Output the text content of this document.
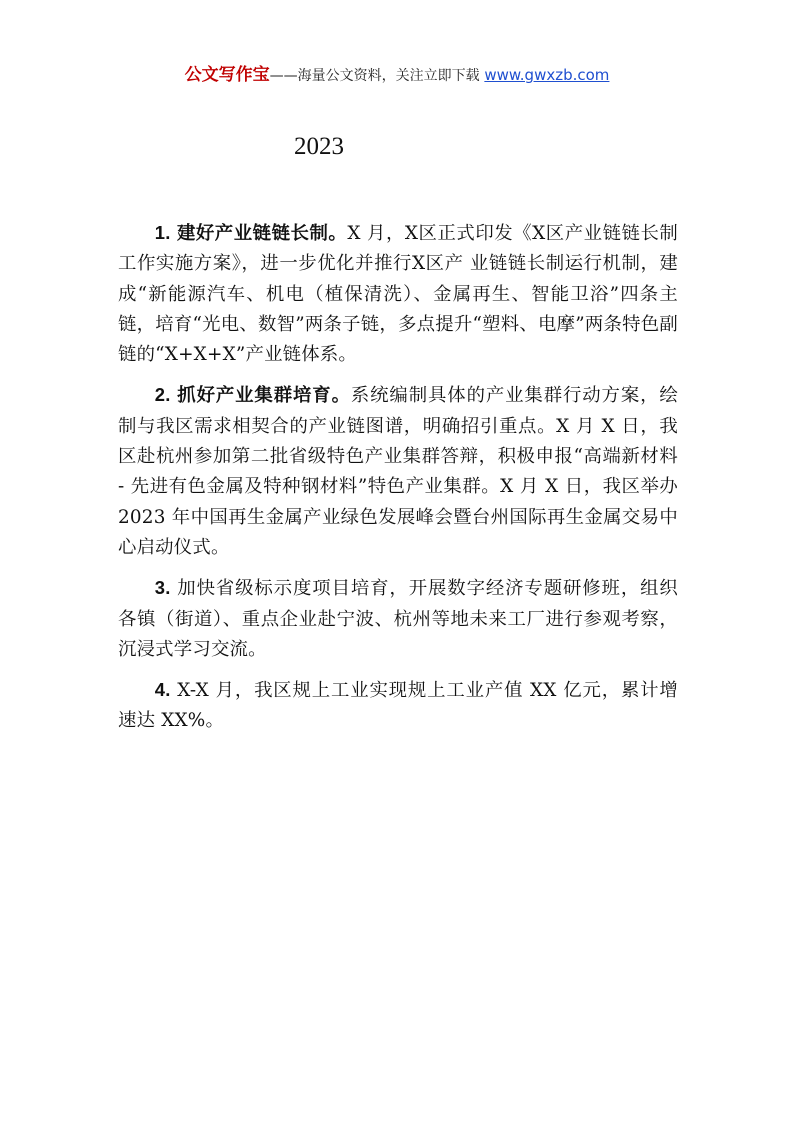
公文写作宝——海量公文资料，关注立即下载 www.gwxzb.com
2023

1. 建好产业链链长制。X 月，X区正式印发《X区产业链链长制工作实施方案》，进一步优化并推行X区产 业链链长制运行机制，建成“新能源汽车、机电（植保清洗）、金属再生、智能卫浴”四条主链，培育“光电、数智”两条子链，多点提升“塑料、电摩”两条特色副链的“X+X+X”产业链体系。

2. 抓好产业集群培育。系统编制具体的产业集群行动方案，绘制与我区需求相契合的产业链图谱，明确招引重点。X 月 X 日，我区赴杭州参加第二批省级特色产业集群答辩，积极申报“高端新材料 - 先进有色金属及特种钢材料”特色产业集群。X 月 X 日，我区举办 2023 年中国再生金属产业绿色发展峰会暨台州国际再生金属交易中心启动仪式。

3. 加快省级标示度项目培育，开展数字经济专题研修班，组织各镇（街道）、重点企业赴宁波、杭州等地未来工厂进行参观考察，沉浸式学习交流。

4. X-X 月，我区规上工业实现规上工业产值 XX 亿元，累计增速达 XX%。
